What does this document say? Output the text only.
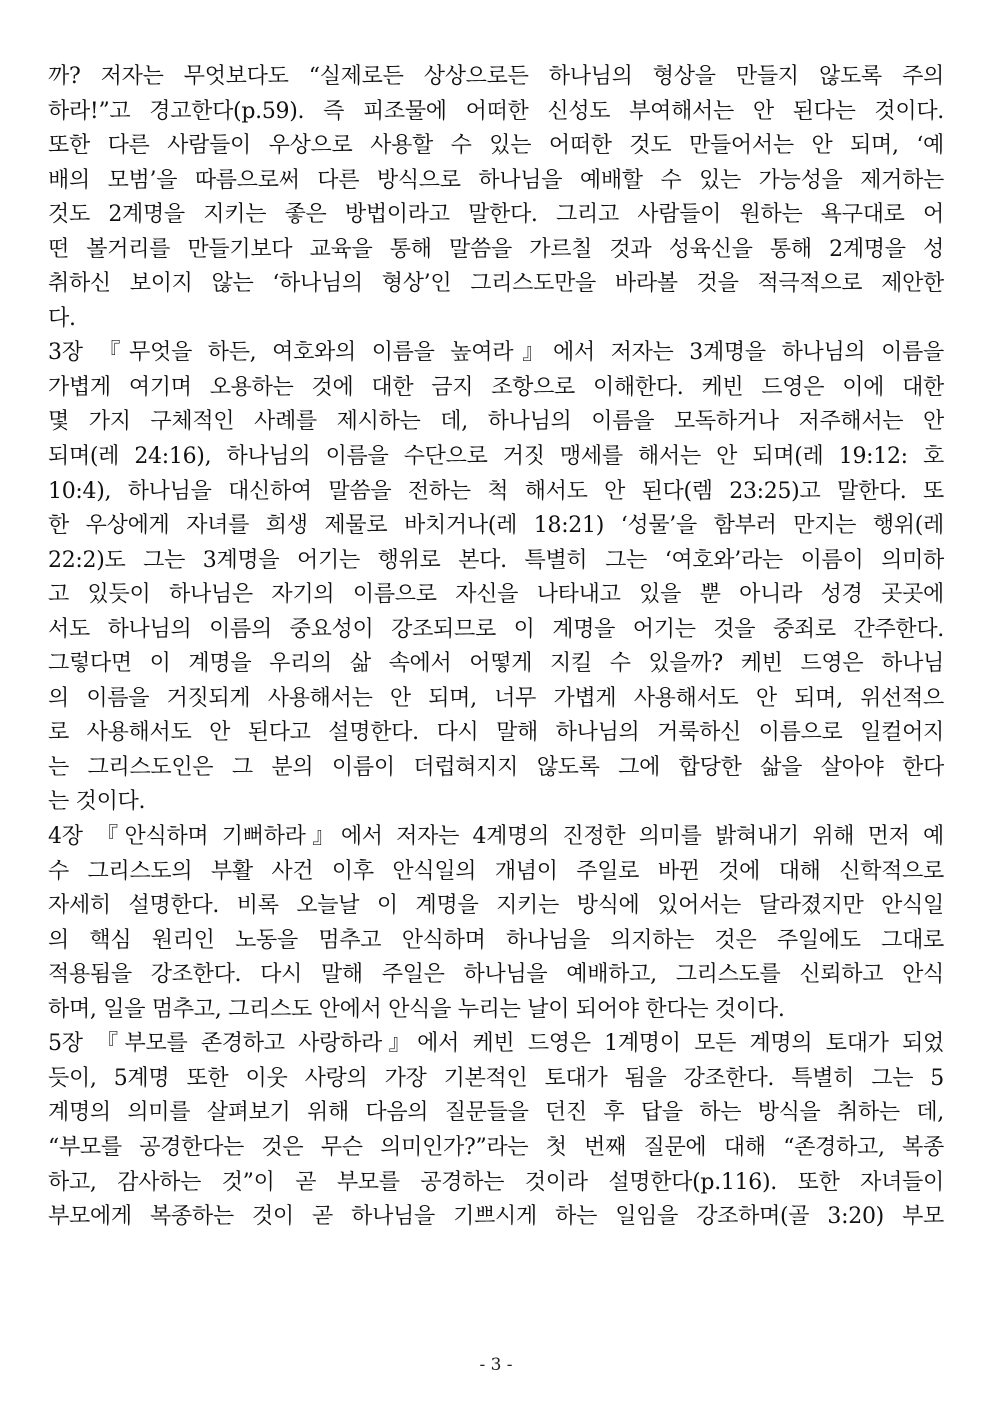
까? 저자는 무엇보다도 “실제로든 상상으로든 하나님의 형상을 만들지 않도록 주의
하라!”고 경고한다(p.59). 즉 피조물에 어떠한 신성도 부여해서는 안 된다는 것이다.
또한 다른 사람들이 우상으로 사용할 수 있는 어떠한 것도 만들어서는 안 되며, ‘예
배의 모범’을 따름으로써 다른 방식으로 하나님을 예배할 수 있는 가능성을 제거하는
것도 2계명을 지키는 좋은 방법이라고 말한다. 그리고 사람들이 원하는 욕구대로 어
떤 볼거리를 만들기보다 교육을 통해 말씀을 가르칠 것과 성육신을 통해 2계명을 성
취하신 보이지 않는 ‘하나님의 형상’인 그리스도만을 바라볼 것을 적극적으로 제안한
다.
3장 『무엇을 하든, 여호와의 이름을 높여라』에서 저자는 3계명을 하나님의 이름을
가볍게 여기며 오용하는 것에 대한 금지 조항으로 이해한다. 케빈 드영은 이에 대한
몇 가지 구체적인 사례를 제시하는 데, 하나님의 이름을 모독하거나 저주해서는 안
되며(레 24:16), 하나님의 이름을 수단으로 거짓 맹세를 해서는 안 되며(레 19:12: 호
10:4), 하나님을 대신하여 말씀을 전하는 척 해서도 안 된다(렘 23:25)고 말한다. 또
한 우상에게 자녀를 희생 제물로 바치거나(레 18:21) ‘성물’을 함부러 만지는 행위(레
22:2)도 그는 3계명을 어기는 행위로 본다. 특별히 그는 ‘여호와’라는 이름이 의미하
고 있듯이 하나님은 자기의 이름으로 자신을 나타내고 있을 뿐 아니라 성경 곳곳에
서도 하나님의 이름의 중요성이 강조되므로 이 계명을 어기는 것을 중죄로 간주한다.
그렇다면 이 계명을 우리의 삶 속에서 어떻게 지킬 수 있을까? 케빈 드영은 하나님
의 이름을 거짓되게 사용해서는 안 되며, 너무 가볍게 사용해서도 안 되며, 위선적으
로 사용해서도 안 된다고 설명한다. 다시 말해 하나님의 거룩하신 이름으로 일컬어지
는 그리스도인은 그 분의 이름이 더럽혀지지 않도록 그에 합당한 삶을 살아야 한다
는 것이다.
4장 『안식하며 기뻐하라』에서 저자는 4계명의 진정한 의미를 밝혀내기 위해 먼저 예
수 그리스도의 부활 사건 이후 안식일의 개념이 주일로 바뀐 것에 대해 신학적으로
자세히 설명한다. 비록 오늘날 이 계명을 지키는 방식에 있어서는 달라졌지만 안식일
의 핵심 원리인 노동을 멈추고 안식하며 하나님을 의지하는 것은 주일에도 그대로
적용됨을 강조한다. 다시 말해 주일은 하나님을 예배하고, 그리스도를 신뢰하고 안식
하며, 일을 멈추고, 그리스도 안에서 안식을 누리는 날이 되어야 한다는 것이다.
5장 『부모를 존경하고 사랑하라』에서 케빈 드영은 1계명이 모든 계명의 토대가 되었
듯이, 5계명 또한 이웃 사랑의 가장 기본적인 토대가 됨을 강조한다. 특별히 그는 5
계명의 의미를 살펴보기 위해 다음의 질문들을 던진 후 답을 하는 방식을 취하는 데,
“부모를 공경한다는 것은 무슨 의미인가?”라는 첫 번째 질문에 대해 “존경하고, 복종
하고, 감사하는 것”이 곧 부모를 공경하는 것이라 설명한다(p.116). 또한 자녀들이
부모에게 복종하는 것이 곧 하나님을 기쁘시게 하는 일임을 강조하며(골 3:20) 부모
- 3 -
